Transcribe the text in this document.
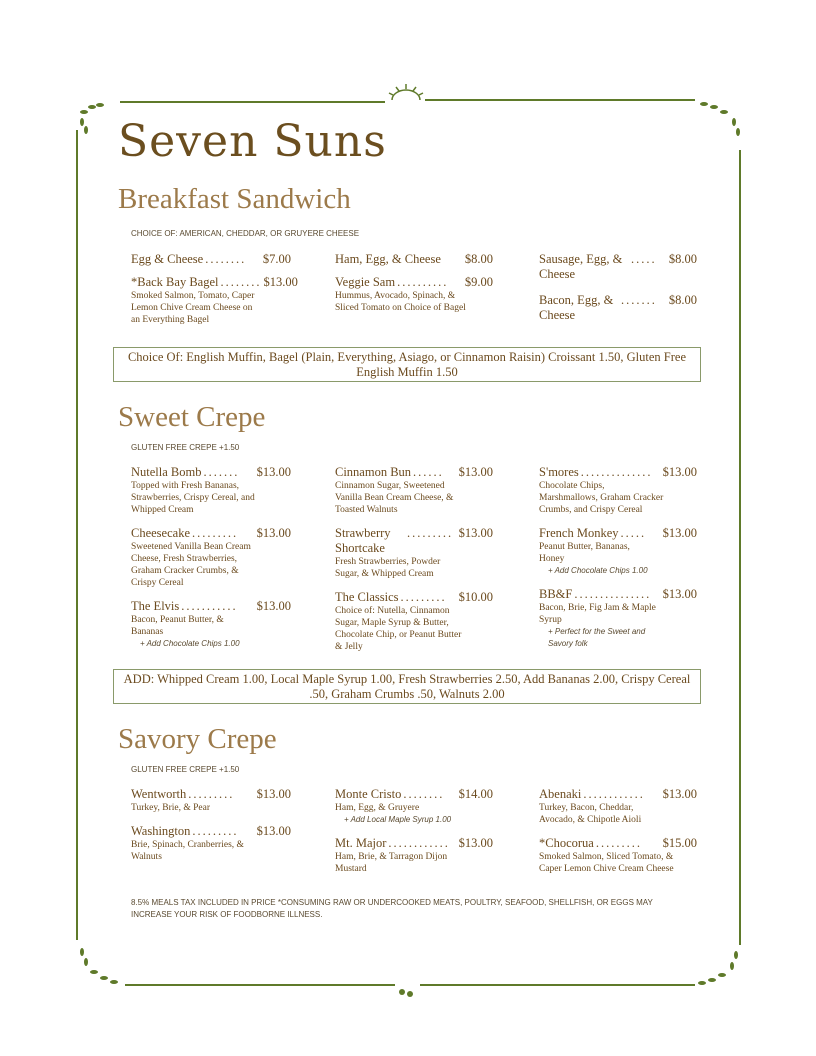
Seven Suns
Breakfast Sandwich
CHOICE OF: AMERICAN, CHEDDAR, OR GRUYERE CHEESE
Egg & Cheese ........	$7.00
*Back Bay Bagel ........ $13.00
Smoked Salmon, Tomato, Caper Lemon Chive Cream Cheese on an Everything Bagel
Ham, Egg, & Cheese $8.00
Veggie Sam ..........	$9.00
Hummus, Avocado, Spinach, & Sliced Tomato on Choice of Bagel
Sausage, Egg, & Cheese
..... $8.00
Bacon, Egg, & Cheese
....... $8.00
Choice Of: English Muffin, Bagel (Plain, Everything, Asiago, or Cinnamon Raisin) Croissant 1.50, Gluten Free English Muffin 1.50
Sweet Crepe
GLUTEN FREE CREPE +1.50
Nutella Bomb .......	$13.00
Topped with Fresh Bananas, Strawberries, Crispy Cereal, and Whipped Cream
Cheesecake .........	$13.00
Sweetened Vanilla Bean Cream Cheese, Fresh Strawberries, Graham Cracker Crumbs, & Crispy Cereal
The Elvis ...........	$13.00
Bacon, Peanut Butter, & Bananas
+ Add Chocolate Chips 1.00
Cinnamon Bun ......	$13.00
Cinnamon Sugar, Sweetened Vanilla Bean Cream Cheese, & Toasted Walnuts
Strawberry Shortcake
......... $13.00
Fresh Strawberries, Powder Sugar, & Whipped Cream
The Classics ......... $10.00
Choice of: Nutella, Cinnamon Sugar, Maple Syrup & Butter, Chocolate Chip, or Peanut Butter & Jelly
S'mores .............. $13.00
Chocolate Chips, Marshmallows, Graham Cracker Crumbs, and Crispy Cereal
French Monkey .....	$13.00
Peanut Butter, Bananas, Honey
+ Add Chocolate Chips 1.00
BB&F ............... $13.00
Bacon, Brie, Fig Jam & Maple Syrup
+ Perfect for the Sweet and Savory folk
ADD: Whipped Cream 1.00, Local Maple Syrup 1.00, Fresh Strawberries 2.50, Add Bananas 2.00, Crispy Cereal .50, Graham Crumbs .50, Walnuts 2.00
Savory Crepe
GLUTEN FREE CREPE +1.50
Wentworth .........	$13.00
Turkey, Brie, & Pear
Washington .........	$13.00
Brie, Spinach, Cranberries, & Walnuts
Monte Cristo ........	$14.00
Ham, Egg, & Gruyere
+ Add Local Maple Syrup 1.00
Mt. Major ............ $13.00
Ham, Brie, & Tarragon Dijon Mustard
Abenaki ............	$13.00
Turkey, Bacon, Cheddar, Avocado, & Chipotle Aioli
*Chocorua .........	$15.00
Smoked Salmon, Sliced Tomato, & Caper Lemon Chive Cream Cheese
8.5% MEALS TAX INCLUDED IN PRICE *CONSUMING RAW OR UNDERCOOKED MEATS, POULTRY, SEAFOOD, SHELLFISH, OR EGGS MAY INCREASE YOUR RISK OF FOODBORNE ILLNESS.
